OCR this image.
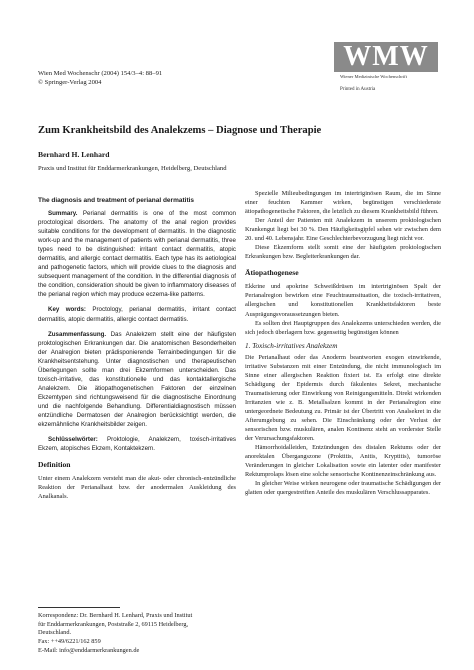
Wien Med Wochenschr (2004) 154/3–4: 88–91
© Springer-Verlag 2004
WMW
Wiener Medizinische Wochenschrift
Printed in Austria
Zum Krankheitsbild des Analekzems – Diagnose und Therapie
Bernhard H. Lenhard
Praxis und Institut für Enddarmerkrankungen, Heidelberg, Deutschland
The diagnosis and treatment of perianal dermatitis

Summary. Perianal dermatitis is one of the most common proctological disorders. The anatomy of the anal region provides suitable conditions for the development of dermatitis. In the diagnostic work-up and the management of patients with perianal dermatitis, three types need to be distinguished: irritant contact dermatitis, atopic dermatitis, and allergic contact dermatitis. Each type has its aetiological and pathogenetic factors, which will provide clues to the diagnosis and subsequent management of the condition. In the differential diagnosis of the condition, consideration should be given to inflammatory diseases of the perianal region which may produce eczema-like patterns.

Key words: Proctology, perianal dermatitis, irritant contact dermatitis, atopic dermatitis, allergic contact dermatitis.

Zusammenfassung. Das Analekzem stellt eine der häufigsten proktologischen Erkrankungen dar. Die anatomischen Besonderheiten der Analregion bieten prädisponierende Terrainbedingungen für die Krankheitsentstehung. Unter diagnostischen und therapeutischen Überlegungen sollte man drei Ekzemformen unterscheiden. Das toxisch-irritative, das konstitutionelle und das kontaktallergische Analekzem. Die ätiopathogenetischen Faktoren der einzelnen Ekzemtypen sind richtungsweisend für die diagnostische Einordnung und die nachfolgende Behandlung. Differentialdiagnostisch müssen entzündliche Dermatosen der Analregion berücksichtigt werden, die ekzemähnliche Krankheitsbilder zeigen.

Schlüsselwörter: Proktologie, Analekzem, toxisch-irritatives Ekzem, atopisches Ekzem, Kontaktekzem.

Definition

Unter einem Analekzem versteht man die akut- oder chronisch-entzündliche Reaktion der Perianalhaut bzw. der anodermalen Auskleidung des Analkanals.

Korrespondenz: Dr. Bernhard H. Lenhard, Praxis und Institut
für Enddarmerkrankungen, Poststraße 2, 69115 Heidelberg,
Deutschland.
Fax: ++49/6221/162 859
E-Mail: info@enddarmerkrankungen.de

Spezielle Milieubedingungen im intertriginösen Raum, die im Sinne einer feuchten Kammer wirken, begünstigen verschiedenste ätiopathogenetische Faktoren, die letztlich zu diesem Krankheitsbild führen.

Der Anteil der Patienten mit Analekzem in unserem proktologischen Krankengut liegt bei 30 %. Den Häufigkeitsgipfel sehen wir zwischen dem 20. und 40. Lebensjahr. Eine Geschlechterbevorzugung liegt nicht vor.

Diese Ekzemform stellt somit eine der häufigsten proktologischen Erkrankungen bzw. Begleiterkrankungen dar.

Ätiopathogenese

Ekkrine und apokrine Schweißdrüsen im intertriginösen Spalt der Perianalregion bewirken eine Feuchtraumsituation, die toxisch-irritativen, allergischen und konstitutionellen Krankheitsfaktoren beste Ausprägungsvoraussetzungen bieten.

Es sollten drei Hauptgruppen des Analekzems unterschieden werden, die sich jedoch überlagern bzw. gegenseitig begünstigen können

1. Toxisch-irritatives Analekzem

Die Perianalhaut oder das Anoderm beantworten exogen einwirkende, irritative Substanzen mit einer Entzündung, die nicht immunologisch im Sinne einer allergischen Reaktion fixiert ist. Es erfolgt eine direkte Schädigung der Epidermis durch fäkulentes Sekret, mechanische Traumatisierung oder Einwirkung von Reinigungsmitteln. Direkt wirkenden Irritanzien wie z. B. Metallsalzen kommt in der Perianalregion eine untergeordnete Bedeutung zu. Primär ist der Übertritt von Analsekret in die Afterumgebung zu sehen. Die Einschränkung oder der Verlust der sensorischen bzw. muskulären, analen Kontinenz steht an vorderster Stelle der Verursachungsfaktoren.

Hämorrhoidalleiden, Entzündungen des distalen Rektums oder der anorektalen Übergangszone (Proktitis, Anitis, Kryptitis), tumoröse Veränderungen in gleicher Lokalisation sowie ein latenter oder manifester Rektumprolaps lösen eine solche sensorische Kontinenzeinschränkung aus.

In gleicher Weise wirken neurogene oder traumatische Schädigungen der glatten oder quergestreiften Anteile des muskulären Verschlussapparates.
